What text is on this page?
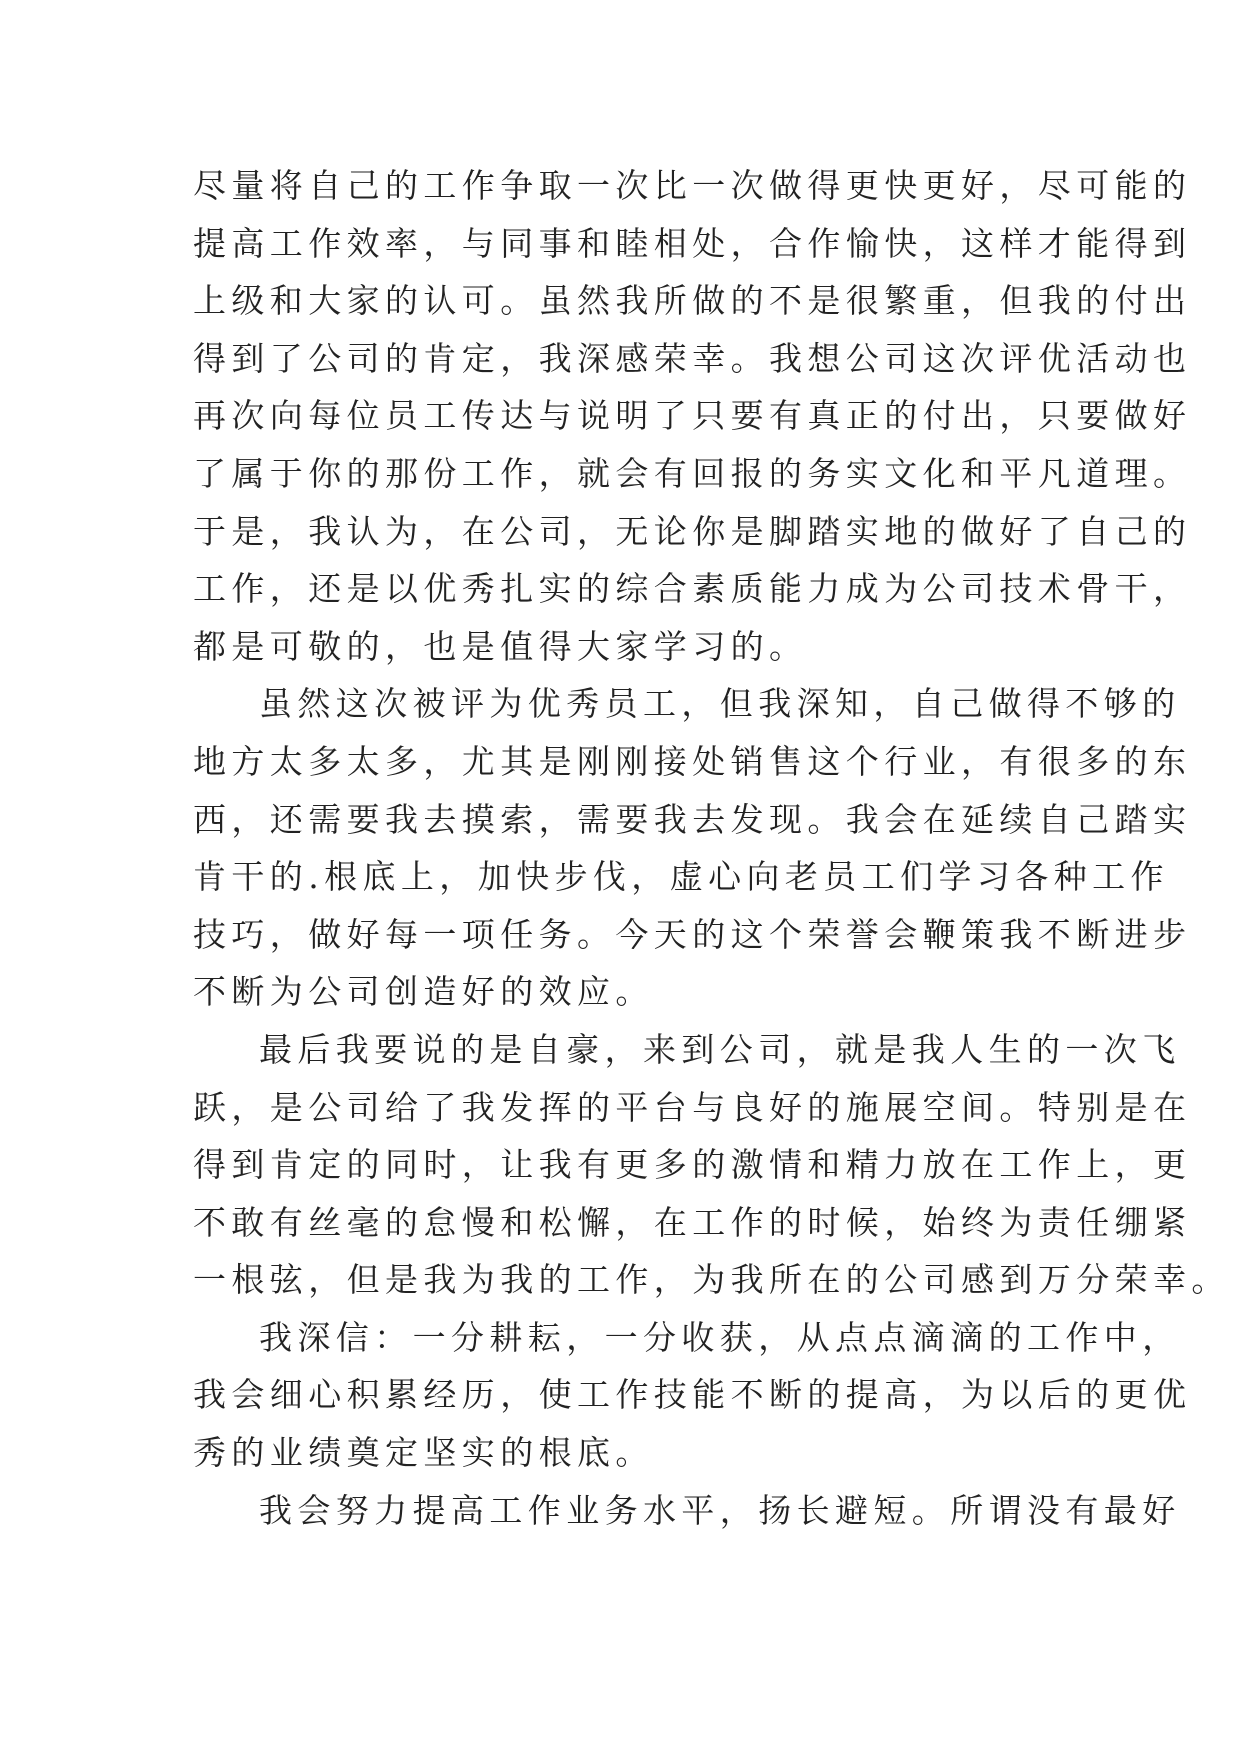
尽量将自己的工作争取一次比一次做得更快更好，尽可能的
提高工作效率，与同事和睦相处，合作愉快，这样才能得到
上级和大家的认可。虽然我所做的不是很繁重，但我的付出
得到了公司的肯定，我深感荣幸。我想公司这次评优活动也
再次向每位员工传达与说明了只要有真正的付出，只要做好
了属于你的那份工作，就会有回报的务实文化和平凡道理。
于是，我认为，在公司，无论你是脚踏实地的做好了自己的
工作，还是以优秀扎实的综合素质能力成为公司技术骨干，
都是可敬的，也是值得大家学习的。
虽然这次被评为优秀员工，但我深知，自己做得不够的
地方太多太多，尤其是刚刚接处销售这个行业，有很多的东
西，还需要我去摸索，需要我去发现。我会在延续自己踏实
肯干的.根底上，加快步伐，虚心向老员工们学习各种工作
技巧，做好每一项任务。今天的这个荣誉会鞭策我不断进步
不断为公司创造好的效应。
最后我要说的是自豪，来到公司，就是我人生的一次飞
跃，是公司给了我发挥的平台与良好的施展空间。特别是在
得到肯定的同时，让我有更多的激情和精力放在工作上，更
不敢有丝毫的怠慢和松懈，在工作的时候，始终为责任绷紧
一根弦，但是我为我的工作，为我所在的公司感到万分荣幸。
我深信：一分耕耘，一分收获，从点点滴滴的工作中，
我会细心积累经历，使工作技能不断的提高，为以后的更优
秀的业绩奠定坚实的根底。
我会努力提高工作业务水平，扬长避短。所谓没有最好
